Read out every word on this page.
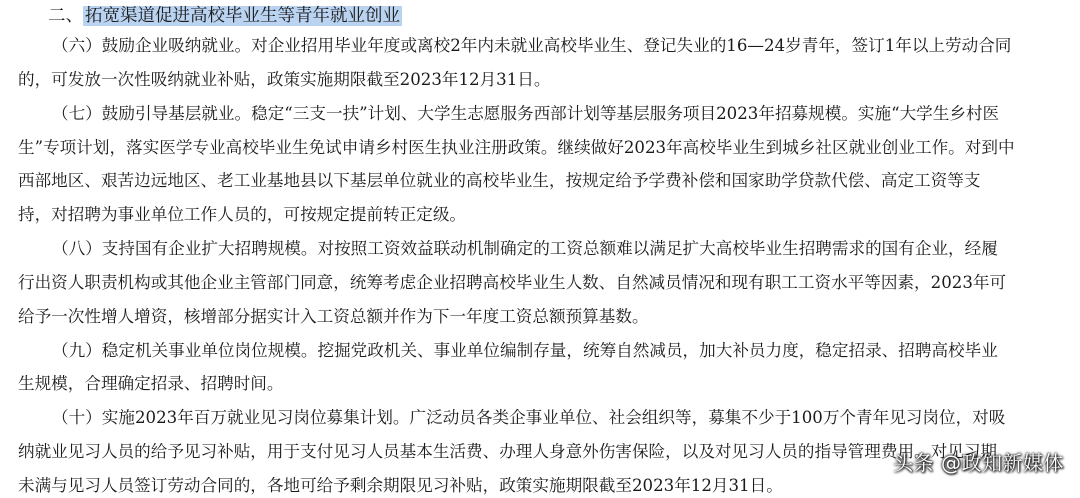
二、 拓宽渠道促进高校毕业生等青年就业创业
（六）鼓励企业吸纳就业。对企业招用毕业年度或离校2年内未就业高校毕业生、登记失业的16—24岁青年，签订1年以上劳动合同
的，可发放一次性吸纳就业补贴，政策实施期限截至2023年12月31日。
（七）鼓励引导基层就业。稳定“三支一扶”计划、大学生志愿服务西部计划等基层服务项目2023年招募规模。实施“大学生乡村医
生”专项计划，落实医学专业高校毕业生免试申请乡村医生执业注册政策。继续做好2023年高校毕业生到城乡社区就业创业工作。对到中
西部地区、艰苦边远地区、老工业基地县以下基层单位就业的高校毕业生，按规定给予学费补偿和国家助学贷款代偿、高定工资等支
持，对招聘为事业单位工作人员的，可按规定提前转正定级。
（八）支持国有企业扩大招聘规模。对按照工资效益联动机制确定的工资总额难以满足扩大高校毕业生招聘需求的国有企业，经履
行出资人职责机构或其他企业主管部门同意，统筹考虑企业招聘高校毕业生人数、自然减员情况和现有职工工资水平等因素，2023年可
给予一次性增人增资，核增部分据实计入工资总额并作为下一年度工资总额预算基数。
（九）稳定机关事业单位岗位规模。挖掘党政机关、事业单位编制存量，统筹自然减员，加大补员力度，稳定招录、招聘高校毕业
生规模，合理确定招录、招聘时间。
（十）实施2023年百万就业见习岗位募集计划。广泛动员各类企事业单位、社会组织等，募集不少于100万个青年见习岗位，对吸
纳就业见习人员的给予见习补贴，用于支付见习人员基本生活费、办理人身意外伤害保险，以及对见习人员的指导管理费用。对见习期
未满与见习人员签订劳动合同的，各地可给予剩余期限见习补贴，政策实施期限截至2023年12月31日。
头条 @政知新媒体
